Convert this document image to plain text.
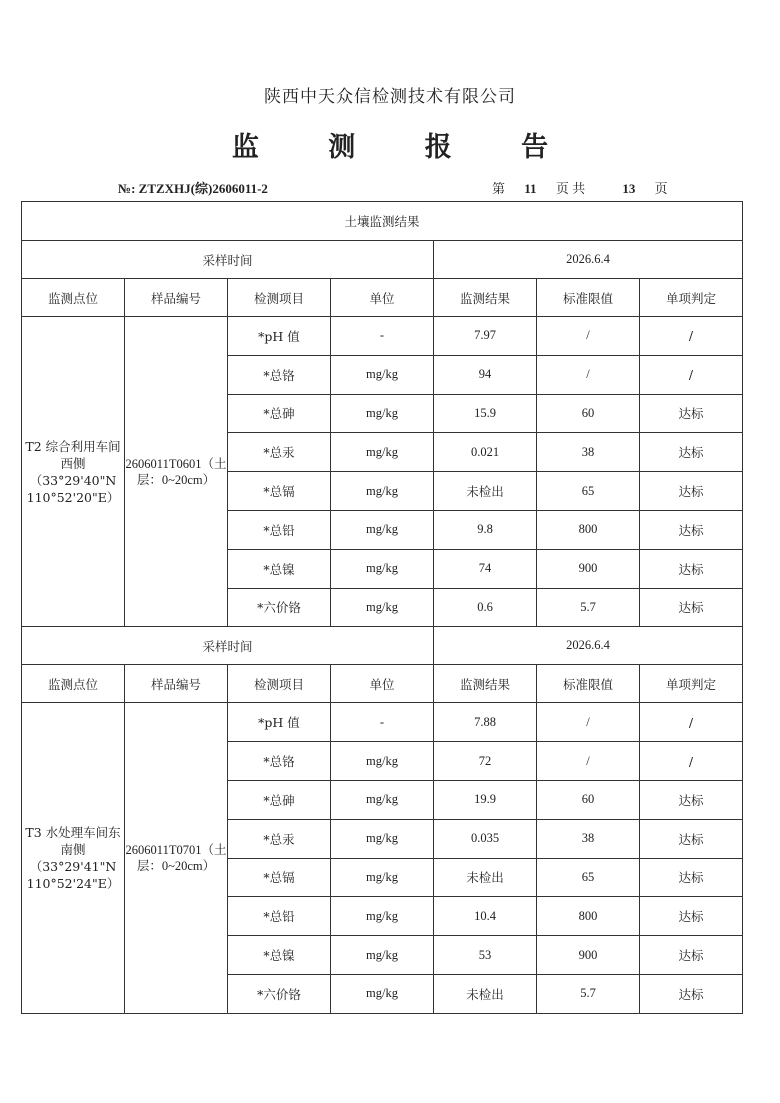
陕西中天众信检测技术有限公司
监 测 报 告
№: ZTZXHJ(综)2606011-2	第 11 页 共	13 页
土壤监测结果						
采样时间				2026.6.4		
监测点位	样品编号	检测项目	单位	监测结果	标准限值	单项判定
T2 综合利用车间西侧（33°29'40"N 110°52'20"E）	2606011T0601（土层：0~20cm）	*pH 值	-	7.97	/	/
		*总铬	mg/kg	94	/	/
		*总砷	mg/kg	15.9	60	达标
		*总汞	mg/kg	0.021	38	达标
		*总镉	mg/kg	未检出	65	达标
		*总铅	mg/kg	9.8	800	达标
		*总镍	mg/kg	74	900	达标
		*六价铬	mg/kg	0.6	5.7	达标
采样时间				2026.6.4		
监测点位	样品编号	检测项目	单位	监测结果	标准限值	单项判定
T3 水处理车间东南侧（33°29'41"N 110°52'24"E）	2606011T0701（土层：0~20cm）	*pH 值	-	7.88	/	/
		*总铬	mg/kg	72	/	/
		*总砷	mg/kg	19.9	60	达标
		*总汞	mg/kg	0.035	38	达标
		*总镉	mg/kg	未检出	65	达标
		*总铅	mg/kg	10.4	800	达标
		*总镍	mg/kg	53	900	达标
		*六价铬	mg/kg	未检出	5.7	达标
